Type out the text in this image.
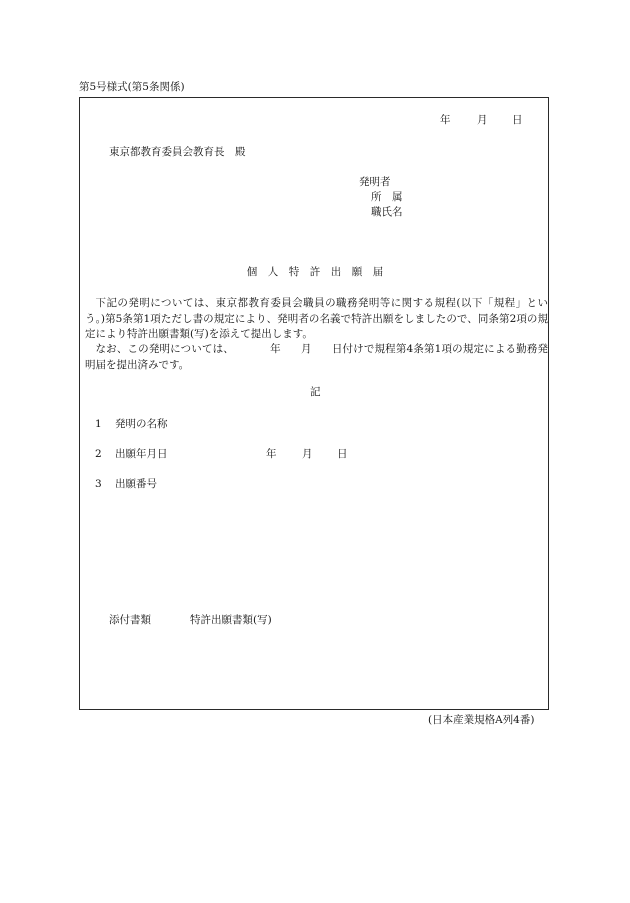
第5号様式(第5条関係)
年	月 日
東京都教育委員会教育長　殿
発明者
所　属
職氏名
個　人　特　許　出　願　届
下記の発明については、東京都教育委員会職員の職務発明等に関する規程(以下「規程」という。)第5条第1項ただし書の規定により、発明者の名義で特許出願をしましたので、同条第2項の規定により特許出願書類(写)を添えて提出します。
なお、この発明については、	年 月 日付けで規程第4条第1項の規定による勤務発明届を提出済みです。
記
1 発明の名称
2 出願年月日	年 月 日
3 出願番号
添付書類	特許出願書類(写)
(日本産業規格A列4番)
